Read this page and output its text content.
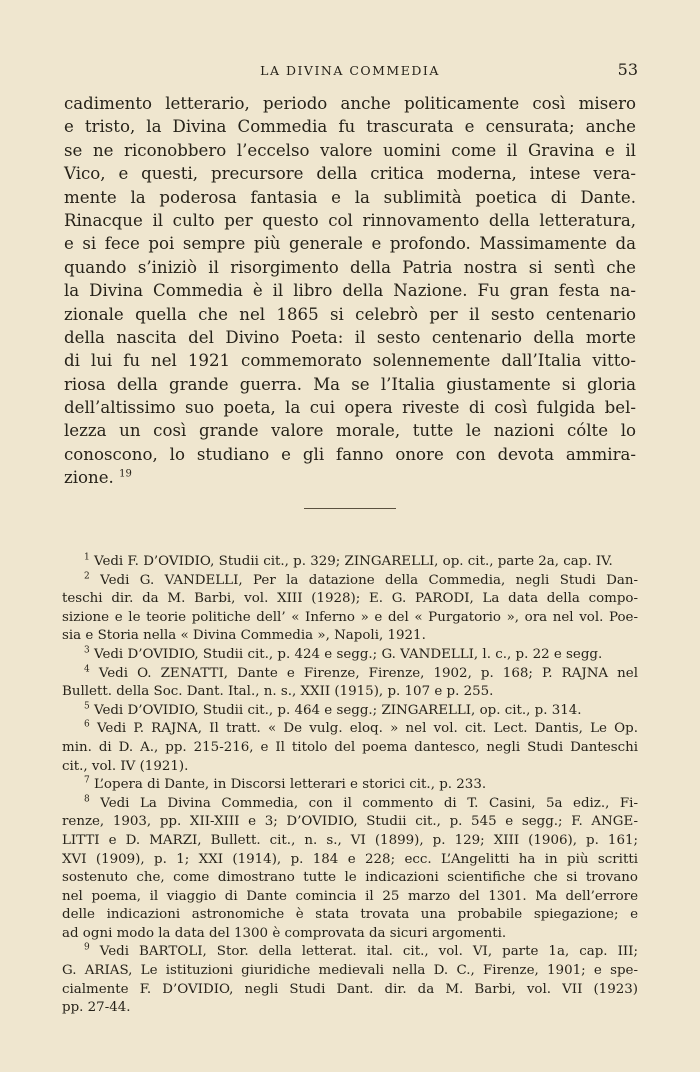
LA DIVINA COMMEDIA	53
cadimento letterario, periodo anche politicamente così misero
e tristo, la Divina Commedia fu trascurata e censurata; anche
se ne riconobbero l’eccelso valore uomini come il Gravina e il
Vico, e questi, precursore della critica moderna, intese vera-
mente la poderosa fantasia e la sublimità poetica di Dante.
Rinacque il culto per questo col rinnovamento della letteratura,
e si fece poi sempre più generale e profondo. Massimamente da
quando s’iniziò il risorgimento della Patria nostra si sentì che
la Divina Commedia è il libro della Nazione. Fu gran festa na-
zionale quella che nel 1865 si celebrò per il sesto centenario
della nascita del Divino Poeta: il sesto centenario della morte
di lui fu nel 1921 commemorato solennemente dall’Italia vitto-
riosa della grande guerra. Ma se l’Italia giustamente si gloria
dell’altissimo suo poeta, la cui opera riveste di così fulgida bel-
lezza un così grande valore morale, tutte le nazioni cólte lo
conoscono, lo studiano e gli fanno onore con devota ammira-
zione. $^{19}$
$^1$ Vedi F. D’OVIDIO, Studii cit., p. 329; ZINGARELLI, op. cit., parte 2a, cap. IV.
$^2$ Vedi G. VANDELLI, Per la datazione della Commedia, negli Studi Dan-
teschi dir. da M. Barbi, vol. XIII (1928); E. G. PARODI, La data della compo-
sizione e le teorie politiche dell’ « Inferno » e del « Purgatorio », ora nel vol. Poe-
sia e Storia nella « Divina Commedia », Napoli, 1921.
$^3$ Vedi D’OVIDIO, Studii cit., p. 424 e segg.; G. VANDELLI, l. c., p. 22 e segg.
$^4$ Vedi O. ZENATTI, Dante e Firenze, Firenze, 1902, p. 168; P. RAJNA nel
Bullett. della Soc. Dant. Ital., n. s., XXII (1915), p. 107 e p. 255.
$^5$ Vedi D’OVIDIO, Studii cit., p. 464 e segg.; ZINGARELLI, op. cit., p. 314.
$^6$ Vedi P. RAJNA, Il tratt. « De vulg. eloq. » nel vol. cit. Lect. Dantis, Le Op.
min. di D. A., pp. 215-216, e Il titolo del poema dantesco, negli Studi Danteschi
cit., vol. IV (1921).
$^7$ L’opera di Dante, in Discorsi letterari e storici cit., p. 233.
$^8$ Vedi La Divina Commedia, con il commento di T. Casini, 5a ediz., Fi-
renze, 1903, pp. XII-XIII e 3; D’OVIDIO, Studii cit., p. 545 e segg.; F. ANGE-
LITTI e D. MARZI, Bullett. cit., n. s., VI (1899), p. 129; XIII (1906), p. 161;
XVI (1909), p. 1; XXI (1914), p. 184 e 228; ecc. L’Angelitti ha in più scritti
sostenuto che, come dimostrano tutte le indicazioni scientifiche che si trovano
nel poema, il viaggio di Dante comincia il 25 marzo del 1301. Ma dell’errore
delle indicazioni astronomiche è stata trovata una probabile spiegazione; e
ad ogni modo la data del 1300 è comprovata da sicuri argomenti.
$^9$ Vedi BARTOLI, Stor. della letterat. ital. cit., vol. VI, parte 1a, cap. III;
G. ARIAS, Le istituzioni giuridiche medievali nella D. C., Firenze, 1901; e spe-
cialmente F. D’OVIDIO, negli Studi Dant. dir. da M. Barbi, vol. VII (1923)
pp. 27-44.
